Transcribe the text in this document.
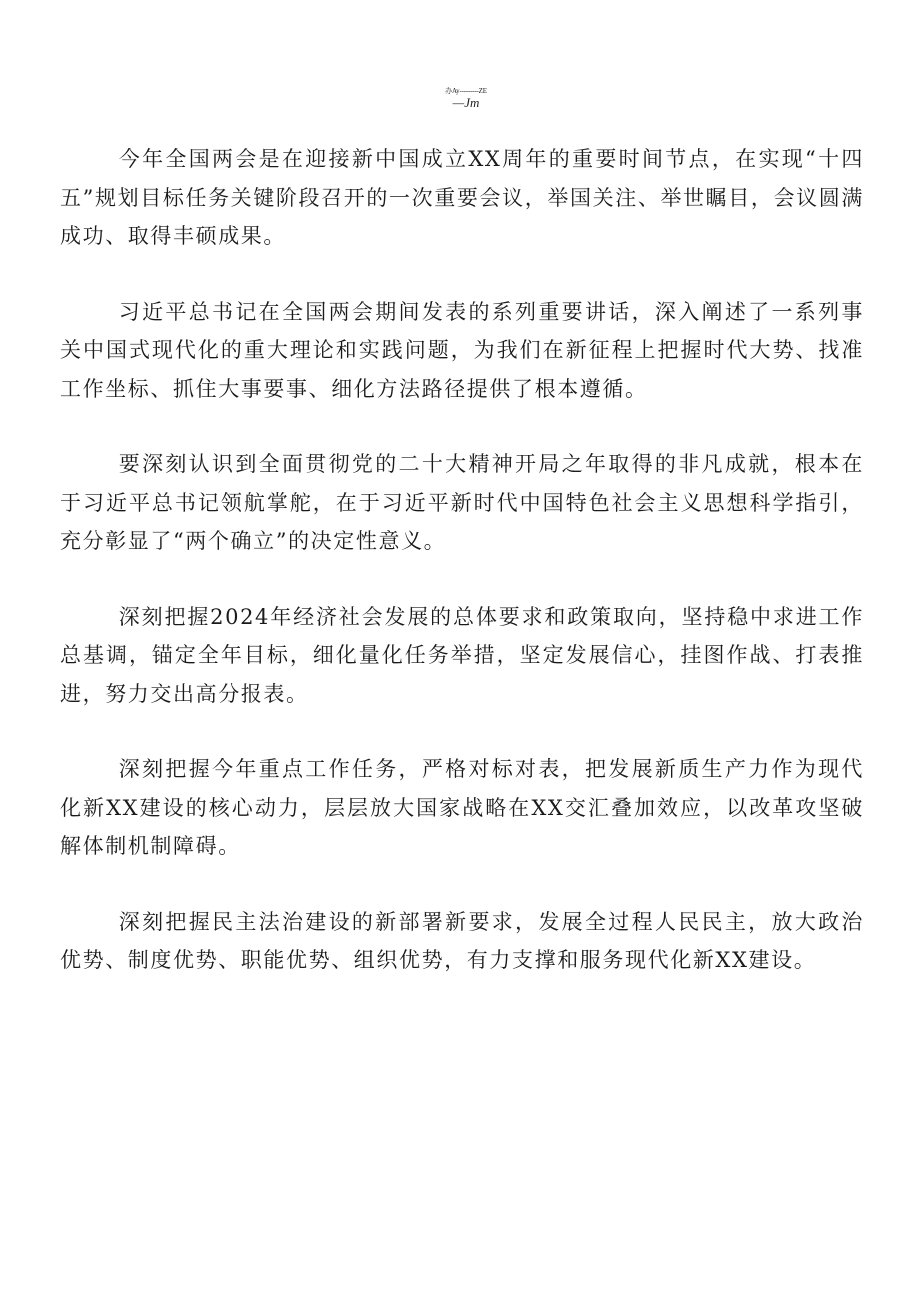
办Ay---------ZE
—Jm

今年全国两会是在迎接新中国成立XX周年的重要时间节点，在实现“十四五”规划目标任务关键阶段召开的一次重要会议，举国关注、举世瞩目，会议圆满成功、取得丰硕成果。

习近平总书记在全国两会期间发表的系列重要讲话，深入阐述了一系列事关中国式现代化的重大理论和实践问题，为我们在新征程上把握时代大势、找准工作坐标、抓住大事要事、细化方法路径提供了根本遵循。

要深刻认识到全面贯彻党的二十大精神开局之年取得的非凡成就，根本在于习近平总书记领航掌舵，在于习近平新时代中国特色社会主义思想科学指引，充分彰显了“两个确立”的决定性意义。

深刻把握2024年经济社会发展的总体要求和政策取向，坚持稳中求进工作总基调，锚定全年目标，细化量化任务举措，坚定发展信心，挂图作战、打表推进，努力交出高分报表。

深刻把握今年重点工作任务，严格对标对表，把发展新质生产力作为现代化新XX建设的核心动力，层层放大国家战略在XX交汇叠加效应，以改革攻坚破解体制机制障碍。

深刻把握民主法治建设的新部署新要求，发展全过程人民民主，放大政治优势、制度优势、职能优势、组织优势，有力支撑和服务现代化新XX建设。
